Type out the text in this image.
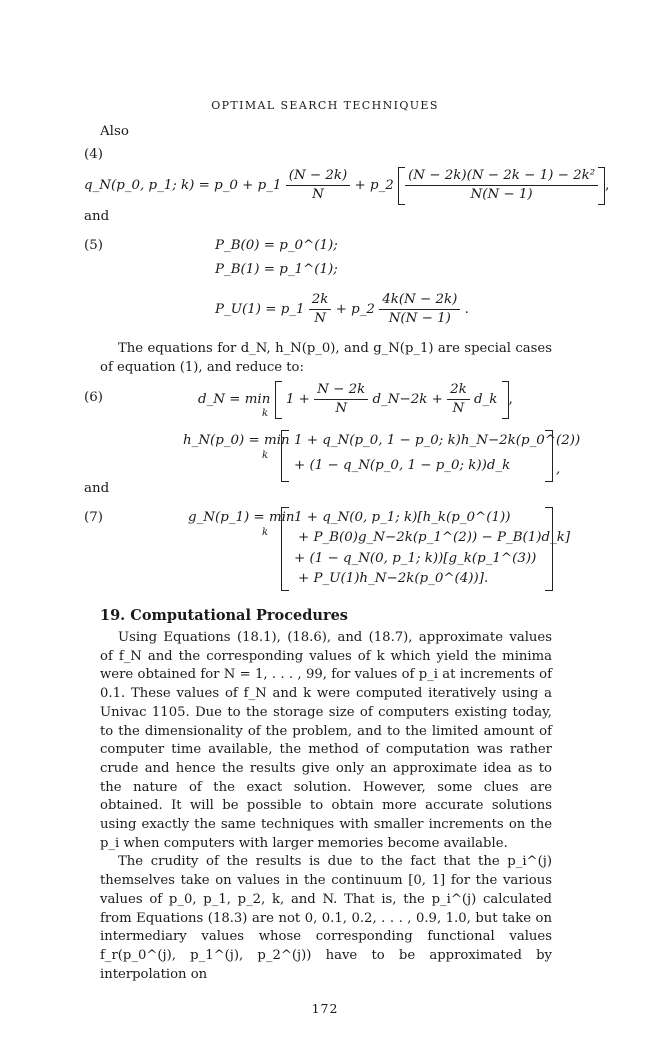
OPTIMAL SEARCH TECHNIQUES
Also
(4)
q_N(p_0, p_1; k) = p_0 + p_1 $\frac{(N - 2k)}{N}$ + p_2 $\frac{\text{(N − 2k)(N − 2k − 1) − 2k²}}{N(N - 1)}$ ,
and
(5)	P_B(0) = p_0^(1);
P_B(1) = p_1^(1);
P_U(1) = p_1 $\frac{2k}{N}$ + p_2 $\frac{4k(N - 2k)}{N(N - 1)}$ .

The equations for d_N, h_N(p_0), and g_N(p_1) are special cases of equation (1), and reduce to:

(6)	d_N = $\min 1 + \frac{N - 2k}{N}$ d_N−2k + $\frac{2k}{N}$ d_k ,
k
h_N(p_0) = min
k
1 + q_N(p_0, 1 − p_0; k)h_N−2k(p_0^(2))
+ (1 − q_N(p_0, 1 − p_0; k))d_k	,
and
(7)	g_N(p_1) = min
k
1 + q_N(0, p_1; k)[h_k(p_0^(1))
+ P_B(0)g_N−2k(p_1^(2)) − P_B(1)d_k]
+ (1 − q_N(0, p_1; k))[g_k(p_1^(3))
+ P_U(1)h_N−2k(p_0^(4))].
19. Computational Procedures

Using Equations (18.1), (18.6), and (18.7), approximate values of f_N and the corresponding values of k which yield the minima were obtained for N = 1, . . . , 99, for values of p_i at increments of 0.1. These values of f_N and k were computed iteratively using a Univac 1105. Due to the storage size of computers existing today, to the dimensionality of the problem, and to the limited amount of computer time available, the method of computation was rather crude and hence the results give only an approximate idea as to the nature of the exact solution. However, some clues are obtained. It will be possible to obtain more accurate solutions using exactly the same techniques with smaller increments on the p_i when computers with larger memories become available.

The crudity of the results is due to the fact that the p_i^(j) themselves take on values in the continuum [0, 1] for the various values of p_0, p_1, p_2, k, and N. That is, the p_i^(j) calculated from Equations (18.3) are not 0, 0.1, 0.2, . . . , 0.9, 1.0, but take on intermediary values whose corresponding functional values f_r(p_0^(j), p_1^(j), p_2^(j)) have to be approximated by interpolation on

172
